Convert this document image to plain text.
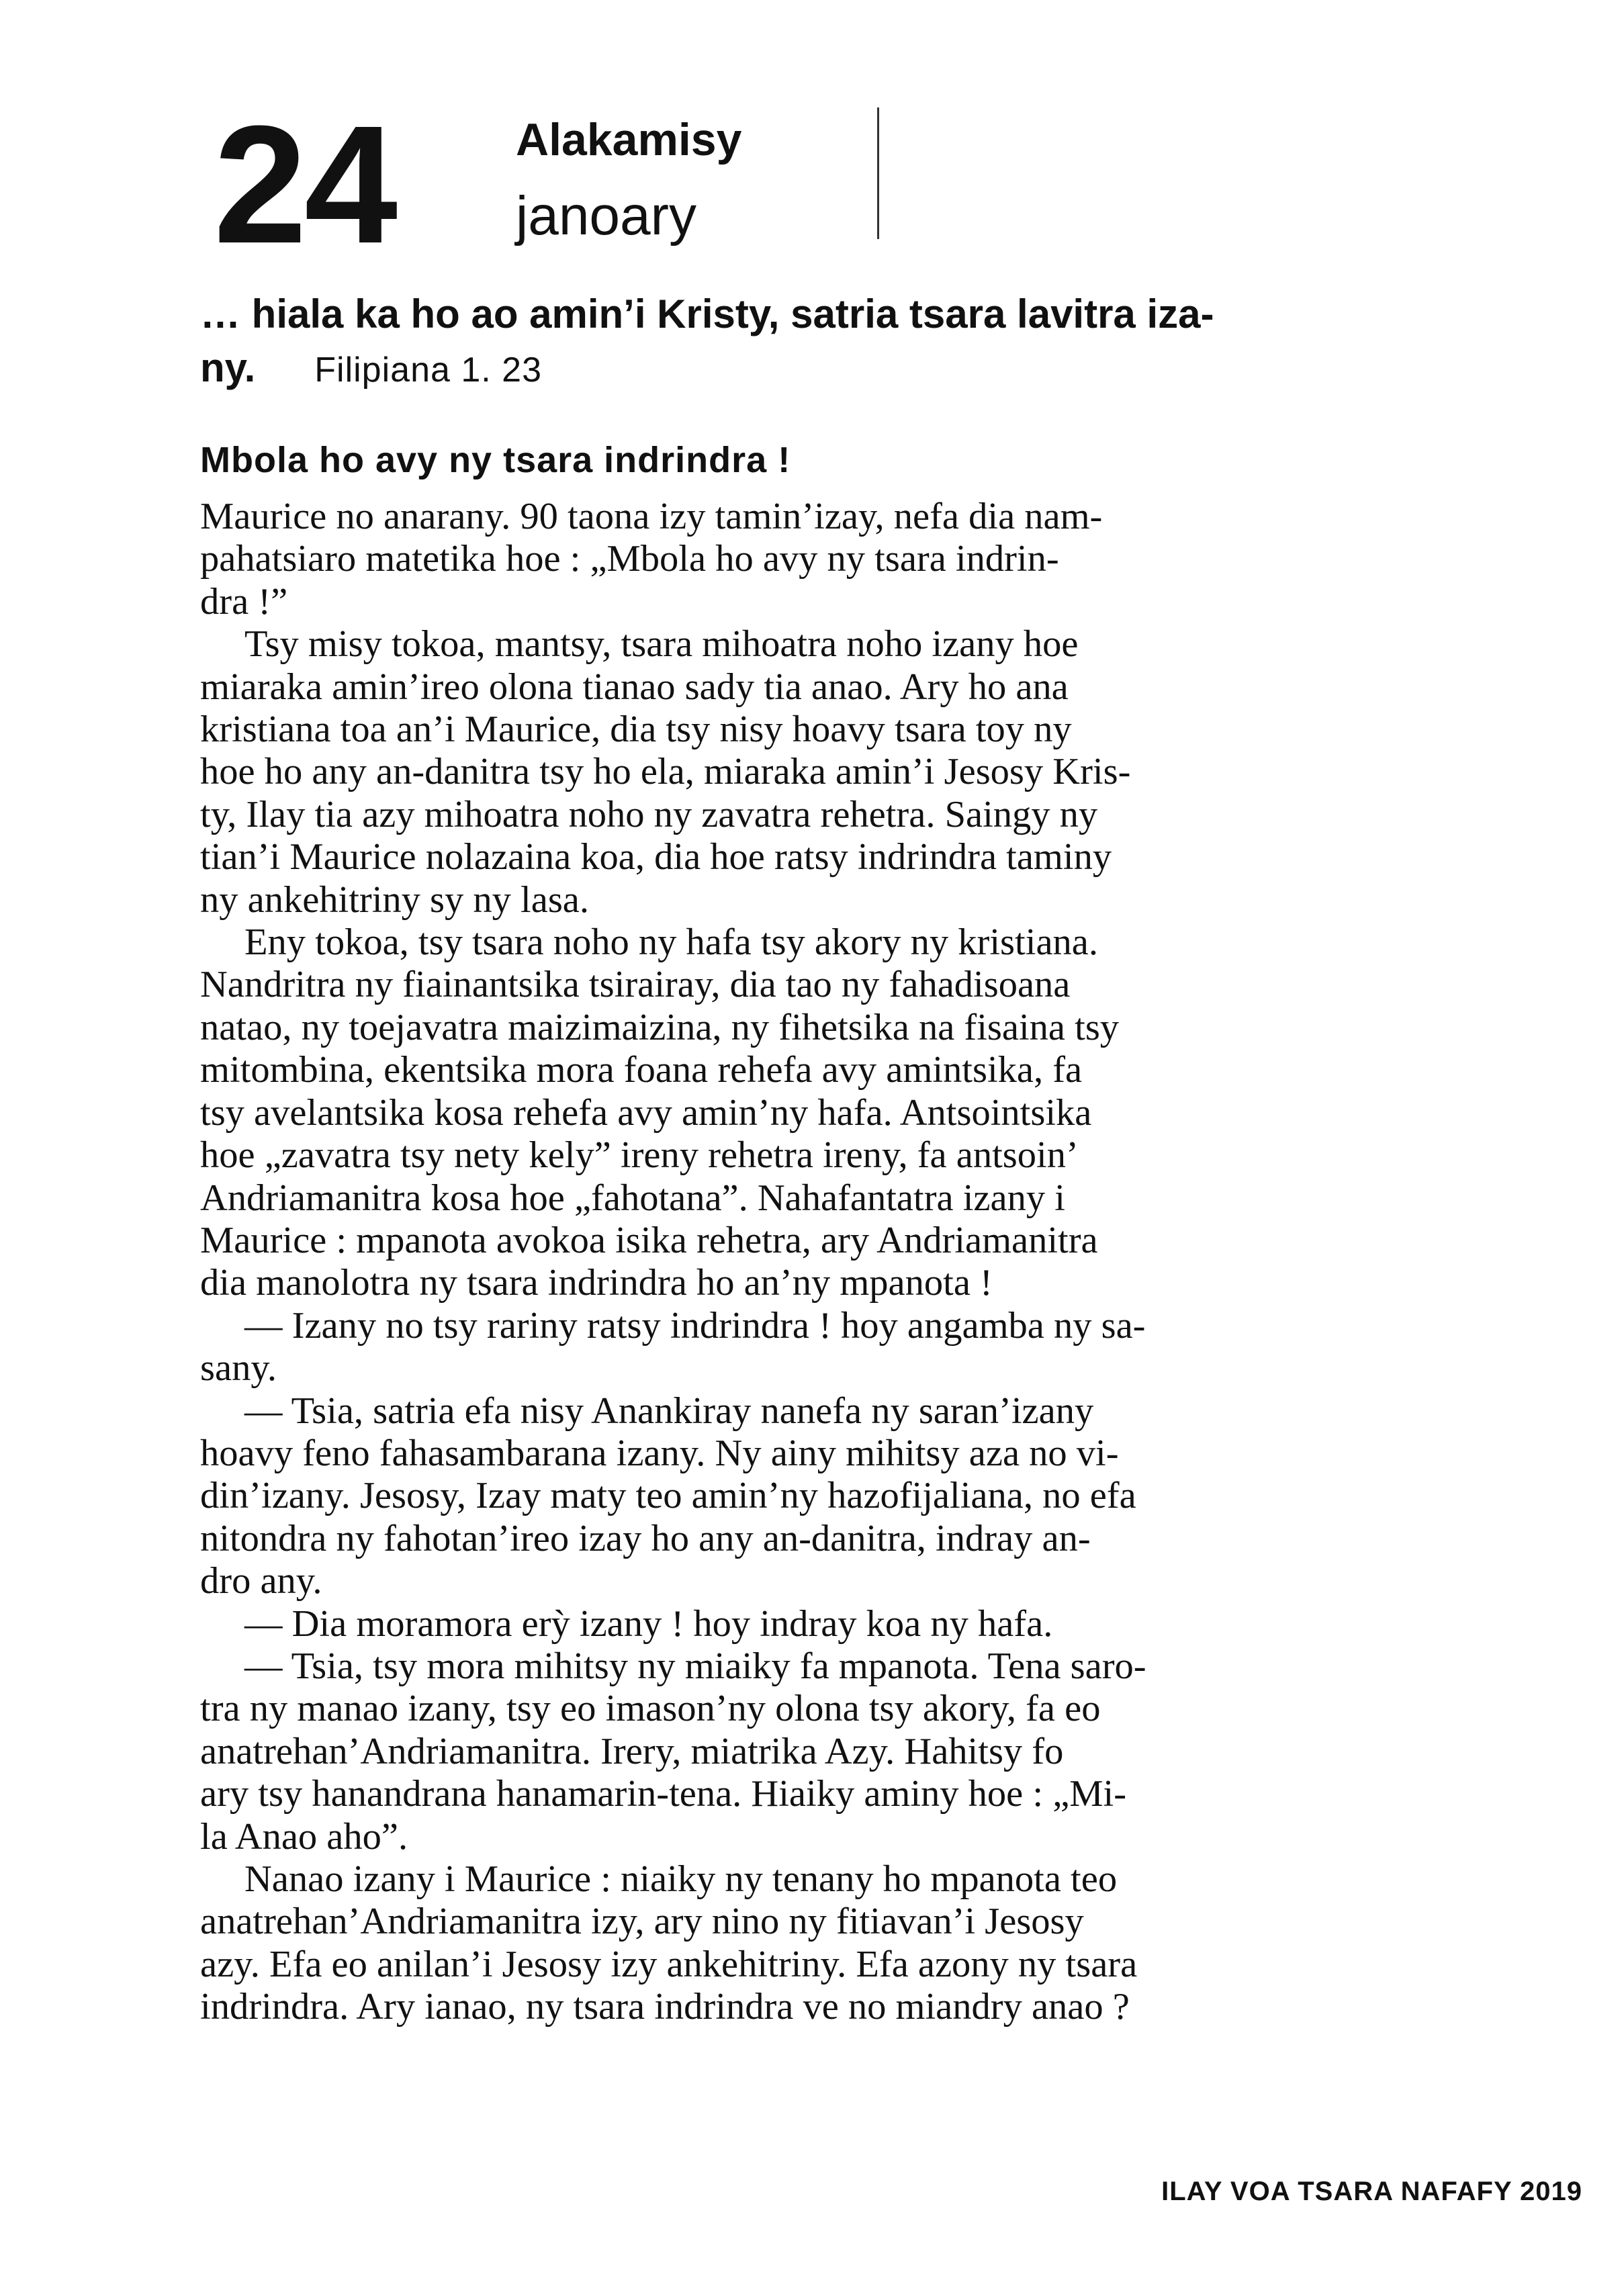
24	Alakamisy
janoary
… hiala ka ho ao amin’i Kristy, satria tsara lavitra iza-
ny. Filipiana 1. 23
Mbola ho avy ny tsara indrindra !
Maurice no anarany. 90 taona izy tamin’izay, nefa dia nam-
pahatsiaro matetika hoe : „Mbola ho avy ny tsara indrin-
dra !”
Tsy misy tokoa, mantsy, tsara mihoatra noho izany hoe
miaraka amin’ireo olona tianao sady tia anao. Ary ho ana
kristiana toa an’i Maurice, dia tsy nisy hoavy tsara toy ny
hoe ho any an-danitra tsy ho ela, miaraka amin’i Jesosy Kris-
ty, Ilay tia azy mihoatra noho ny zavatra rehetra. Saingy ny
tian’i Maurice nolazaina koa, dia hoe ratsy indrindra taminy
ny ankehitriny sy ny lasa.
Eny tokoa, tsy tsara noho ny hafa tsy akory ny kristiana.
Nandritra ny fiainantsika tsirairay, dia tao ny fahadisoana
natao, ny toejavatra maizimaizina, ny fihetsika na fisaina tsy
mitombina, ekentsika mora foana rehefa avy amintsika, fa
tsy avelantsika kosa rehefa avy amin’ny hafa. Antsointsika
hoe „zavatra tsy nety kely” ireny rehetra ireny, fa antsoin’
Andriamanitra kosa hoe „fahotana”. Nahafantatra izany i
Maurice : mpanota avokoa isika rehetra, ary Andriamanitra
dia manolotra ny tsara indrindra ho an’ny mpanota !
— Izany no tsy rariny ratsy indrindra ! hoy angamba ny sa-
sany.
— Tsia, satria efa nisy Anankiray nanefa ny saran’izany
hoavy feno fahasambarana izany. Ny ainy mihitsy aza no vi-
din’izany. Jesosy, Izay maty teo amin’ny hazofijaliana, no efa
nitondra ny fahotan’ireo izay ho any an-danitra, indray an-
dro any.
— Dia moramora erỳ izany ! hoy indray koa ny hafa.
— Tsia, tsy mora mihitsy ny miaiky fa mpanota. Tena saro-
tra ny manao izany, tsy eo imason’ny olona tsy akory, fa eo
anatrehan’Andriamanitra. Irery, miatrika Azy. Hahitsy fo
ary tsy hanandrana hanamarin-tena. Hiaiky aminy hoe : „Mi-
la Anao aho”.
Nanao izany i Maurice : niaiky ny tenany ho mpanota teo
anatrehan’Andriamanitra izy, ary nino ny fitiavan’i Jesosy
azy. Efa eo anilan’i Jesosy izy ankehitriny. Efa azony ny tsara
indrindra. Ary ianao, ny tsara indrindra ve no miandry anao ?
ILAY VOA TSARA NAFAFY 2019
